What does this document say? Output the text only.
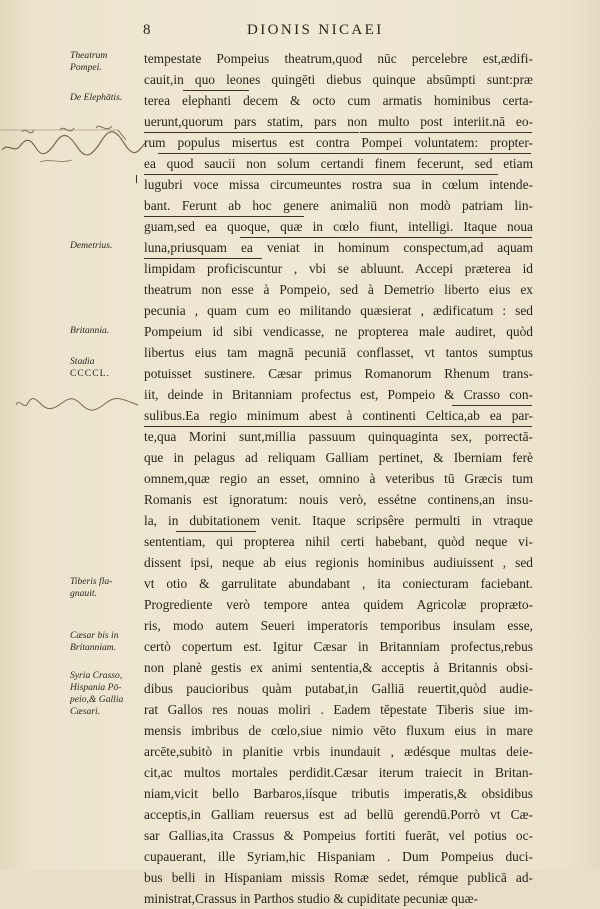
8	DIONIS NICAEI
Theatrum
Pompei.
De Elephātis.
Demetrius.
Britannia.
Stadia
CCCCL.
Tiberis fla-
gnauit.
Cæsar bis in
Britanniam.
Syria Crasso,
Hispania Pō-
peio,& Gallia
Cæsari.
tempestate Pompeius theatrum,quod nūc percelebre est,ædifi-
cauit,in quo leones quingēti diebus quinque absūmpti sunt:præ
terea elephanti decem & octo cum armatis hominibus certa-
uerunt,quorum pars statim, pars non multo post interiit.nā eo-
rum populus misertus est contra Pompei voluntatem: propter-
ea quod saucii non solum certandi finem fecerunt, sed etiam
lugubri voce missa circumeuntes rostra sua in cœlum intende-
bant. Ferunt ab hoc genere animaliū non modò patriam lin-
guam,sed ea quoque, quæ in cœlo fiunt, intelligi. Itaque noua
luna,priusquam ea veniat in hominum conspectum,ad aquam
limpidam proficiscuntur , vbi se abluunt. Accepi præterea id
theatrum non esse à Pompeio, sed à Demetrio liberto eius ex
pecunia , quam cum eo militando quæsierat , ædificatum : sed
Pompeium id sibi vendicasse, ne propterea male audiret, quòd
libertus eius tam magnā pecuniā conflasset, vt tantos sumptus
potuisset sustinere. Cæsar primus Romanorum Rhenum trans-
iit, deinde in Britanniam profectus est, Pompeio & Crasso con-
sulibus.Ea regio minimum abest à continenti Celtica,ab ea par-
te,qua Morini sunt,millia passuum quinquaginta sex, porrectā-
que in pelagus ad reliquam Galliam pertinet, & Iberniam ferè
omnem,quæ regio an esset, omnino à veteribus tū Græcis tum
Romanis est ignoratum: nouis verò, essétne continens,an insu-
la, in dubitationem venit. Itaque scripsêre permulti in vtraque
sententiam, qui propterea nihil certi habebant, quòd neque vi-
dissent ipsi, neque ab eius regionis hominibus audiuissent , sed
vt otio & garrulitate abundabant , ita coniecturam faciebant.
Progrediente verò tempore antea quidem Agricolæ propræto-
ris, modo autem Seueri imperatoris temporibus insulam esse,
certò copertum est. Igitur Cæsar in Britanniam profectus,rebus
non planè gestis ex animi sententia,& acceptis à Britannis obsi-
dibus paucioribus quàm putabat,in Galliā reuertit,quòd audie-
rat Gallos res nouas moliri . Eadem tēpestate Tiberis siue im-
mensis imbribus de cœlo,siue nimio vēto fluxum eius in mare
arcēte,subitò in planitie vrbis inundauit , ædésque multas deie-
cit,ac multos mortales perdidit.Cæsar iterum traiecit in Britan-
niam,vicit bello Barbaros,iísque tributis imperatis,& obsidibus
acceptis,in Galliam reuersus est ad bellū gerendū.Porrò vt Cæ-
sar Gallias,ita Crassus & Pompeius fortiti fuerāt, vel potius oc-
cupauerant, ille Syriam,hic Hispaniam . Dum Pompeius duci-
bus belli in Hispaniam missis Romæ sedet, rémque publicā ad-
ministrat,Crassus in Parthos studio & cupiditate pecuniæ quæ-
